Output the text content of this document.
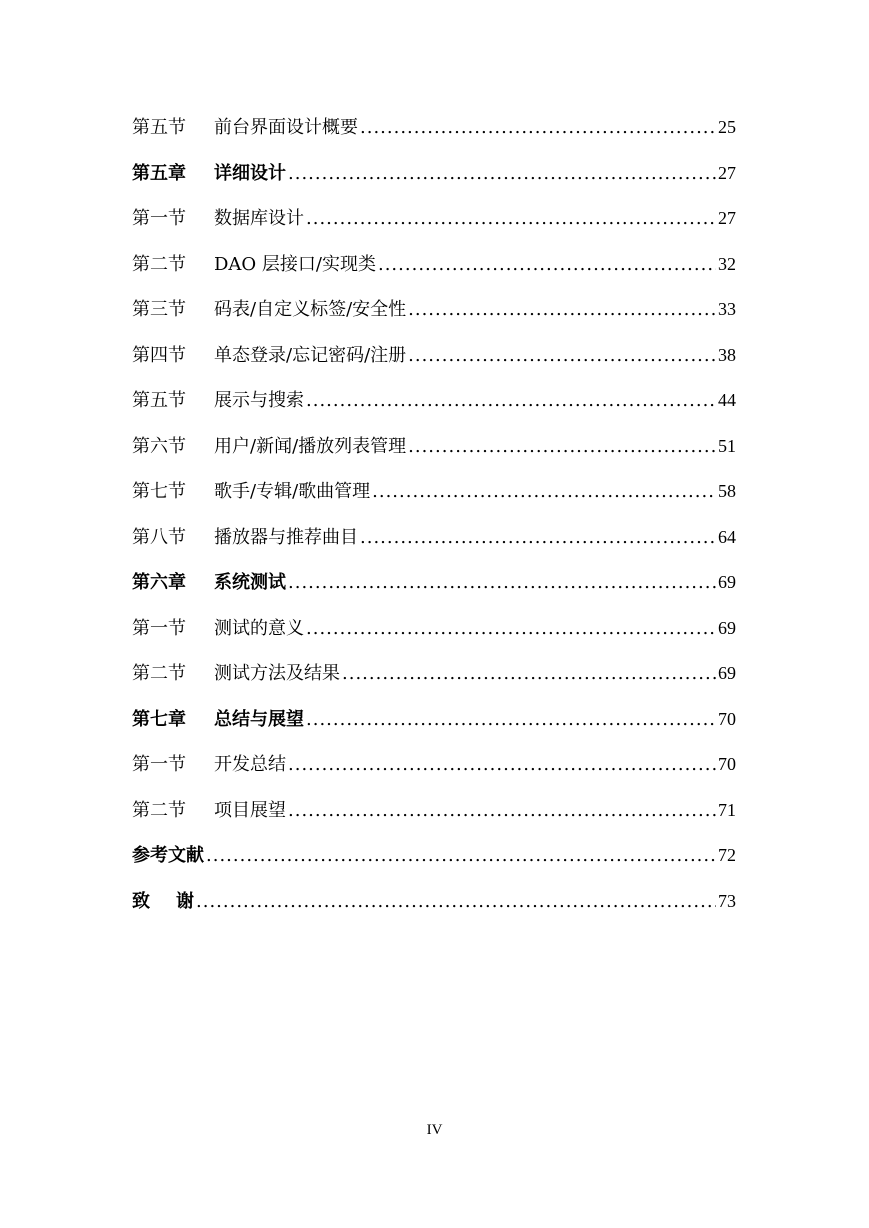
第五节	前台界面设计概要 .....	25
第五章	详细设计 .....	27
第一节	数据库设计 .....	27
第二节	DAO 层接口/实现类 .....	32
第三节	码表/自定义标签/安全性 .....	33
第四节	单态登录/忘记密码/注册 .....	38
第五节	展示与搜索 .....	44
第六节	用户/新闻/播放列表管理 .....	51
第七节	歌手/专辑/歌曲管理 .....	58
第八节	播放器与推荐曲目 .....	64
第六章	系统测试 .....	69
第一节	测试的意义 .....	69
第二节	测试方法及结果 .....	69
第七章	总结与展望 .....	70
第一节	开发总结 .....	70
第二节	项目展望 .....	71
参考文献 .....	72
致 谢 .....	73
IV
